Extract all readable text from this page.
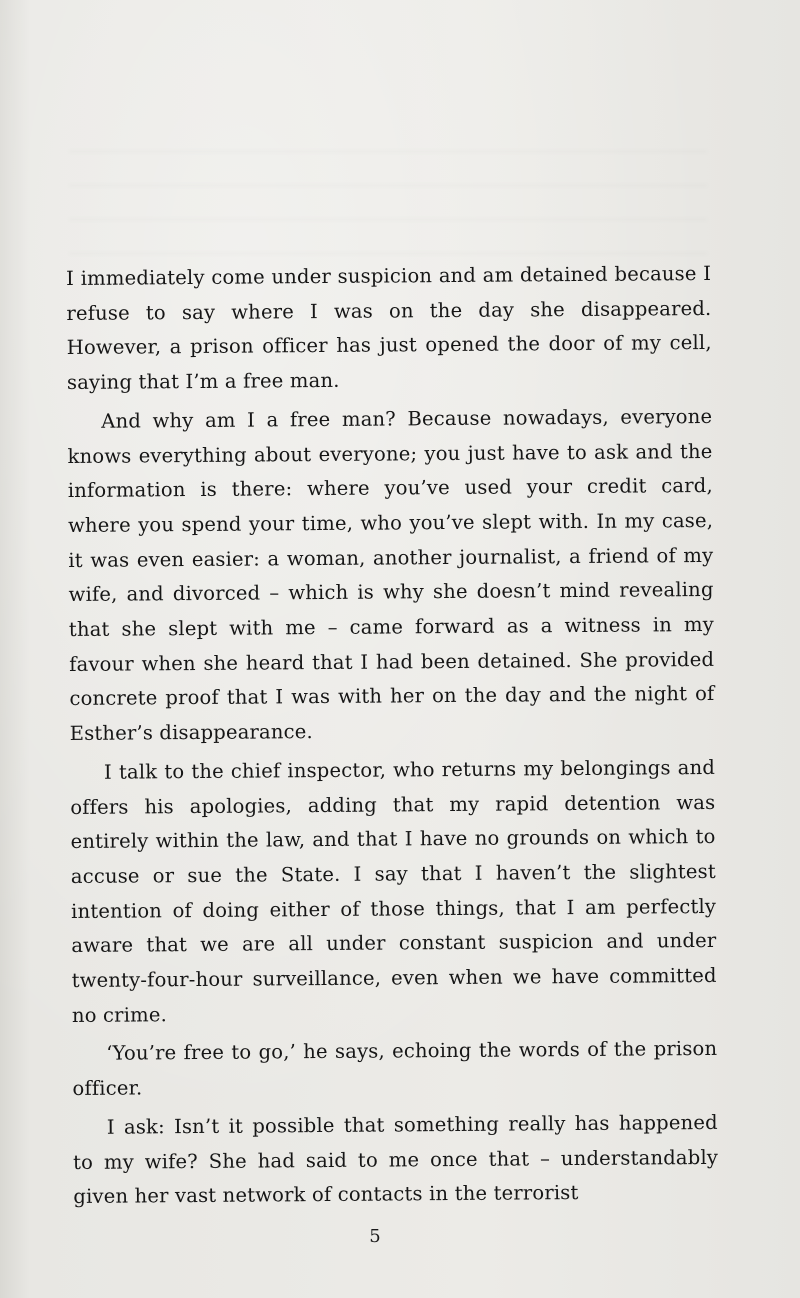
I immediately come under suspicion and am detained because I refuse to say where I was on the day she disappeared. However, a prison officer has just opened the door of my cell, saying that I’m a free man.

And why am I a free man? Because nowadays, everyone knows everything about everyone; you just have to ask and the information is there: where you’ve used your credit card, where you spend your time, who you’ve slept with. In my case, it was even easier: a woman, another journalist, a friend of my wife, and divorced – which is why she doesn’t mind revealing that she slept with me – came forward as a witness in my favour when she heard that I had been detained. She provided concrete proof that I was with her on the day and the night of Esther’s disappearance.

I talk to the chief inspector, who returns my belongings and offers his apologies, adding that my rapid detention was entirely within the law, and that I have no grounds on which to accuse or sue the State. I say that I haven’t the slightest intention of doing either of those things, that I am perfectly aware that we are all under constant suspicion and under twenty-four-hour surveillance, even when we have committed no crime.

‘You’re free to go,’ he says, echoing the words of the prison officer.

I ask: Isn’t it possible that something really has happened to my wife? She had said to me once that – understandably given her vast network of contacts in the terrorist

5
